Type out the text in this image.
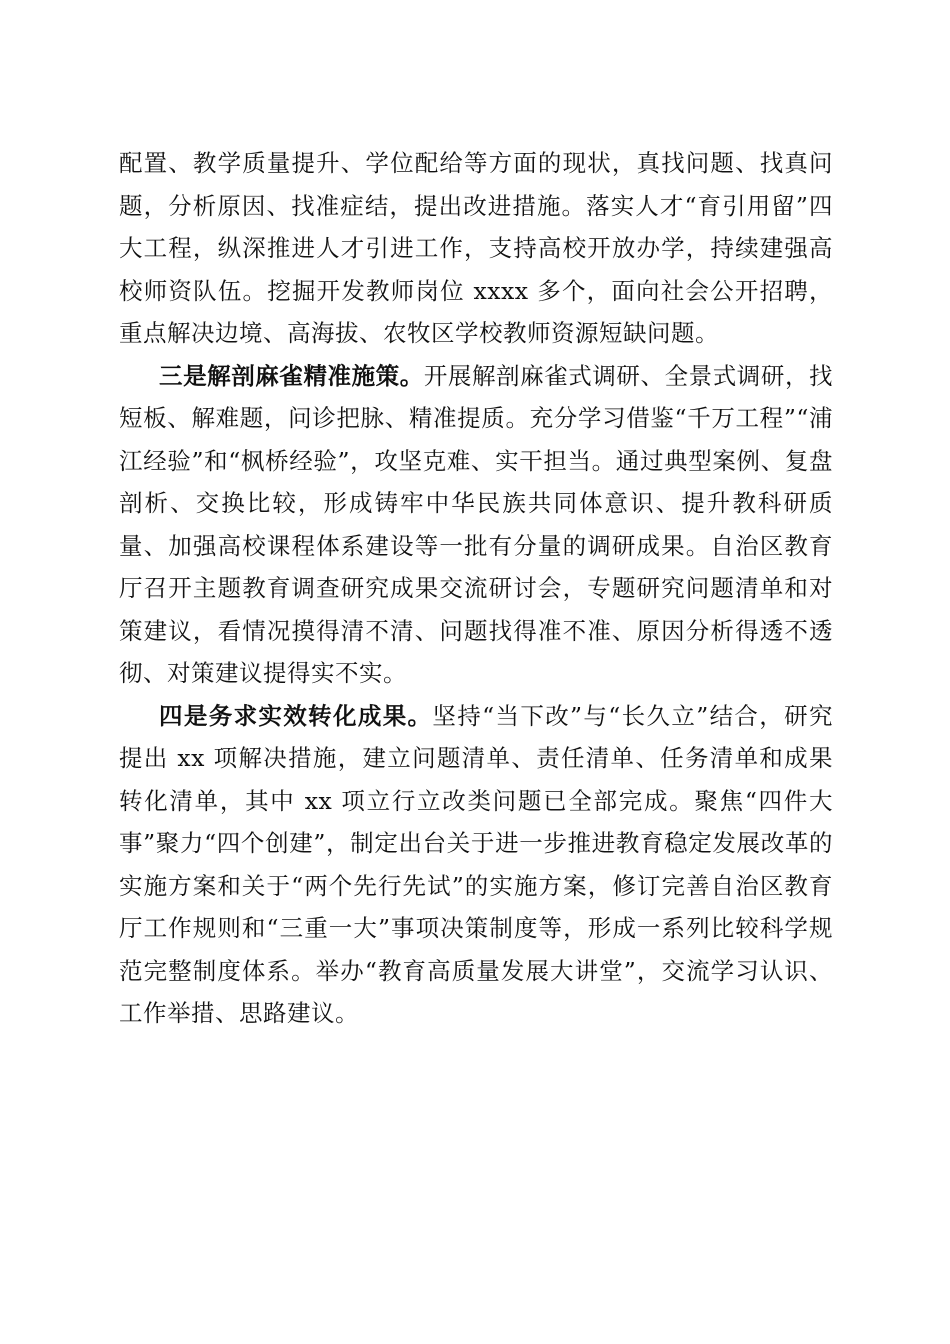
配置、教学质量提升、学位配给等方面的现状，真找问题、找真问题，分析原因、找准症结，提出改进措施。落实人才“育引用留”四大工程，纵深推进人才引进工作，支持高校开放办学，持续建强高校师资队伍。挖掘开发教师岗位 xxxx 多个，面向社会公开招聘，重点解决边境、高海拔、农牧区学校教师资源短缺问题。

三是解剖麻雀精准施策。开展解剖麻雀式调研、全景式调研，找短板、解难题，问诊把脉、精准提质。充分学习借鉴“千万工程”“浦江经验”和“枫桥经验”，攻坚克难、实干担当。通过典型案例、复盘剖析、交换比较，形成铸牢中华民族共同体意识、提升教科研质量、加强高校课程体系建设等一批有分量的调研成果。自治区教育厅召开主题教育调查研究成果交流研讨会，专题研究问题清单和对策建议，看情况摸得清不清、问题找得准不准、原因分析得透不透彻、对策建议提得实不实。

四是务求实效转化成果。坚持“当下改”与“长久立”结合，研究提出 xx 项解决措施，建立问题清单、责任清单、任务清单和成果转化清单，其中 xx 项立行立改类问题已全部完成。聚焦“四件大事”聚力“四个创建”，制定出台关于进一步推进教育稳定发展改革的实施方案和关于“两个先行先试”的实施方案，修订完善自治区教育厅工作规则和“三重一大”事项决策制度等，形成一系列比较科学规范完整制度体系。举办“教育高质量发展大讲堂”，交流学习认识、工作举措、思路建议。
